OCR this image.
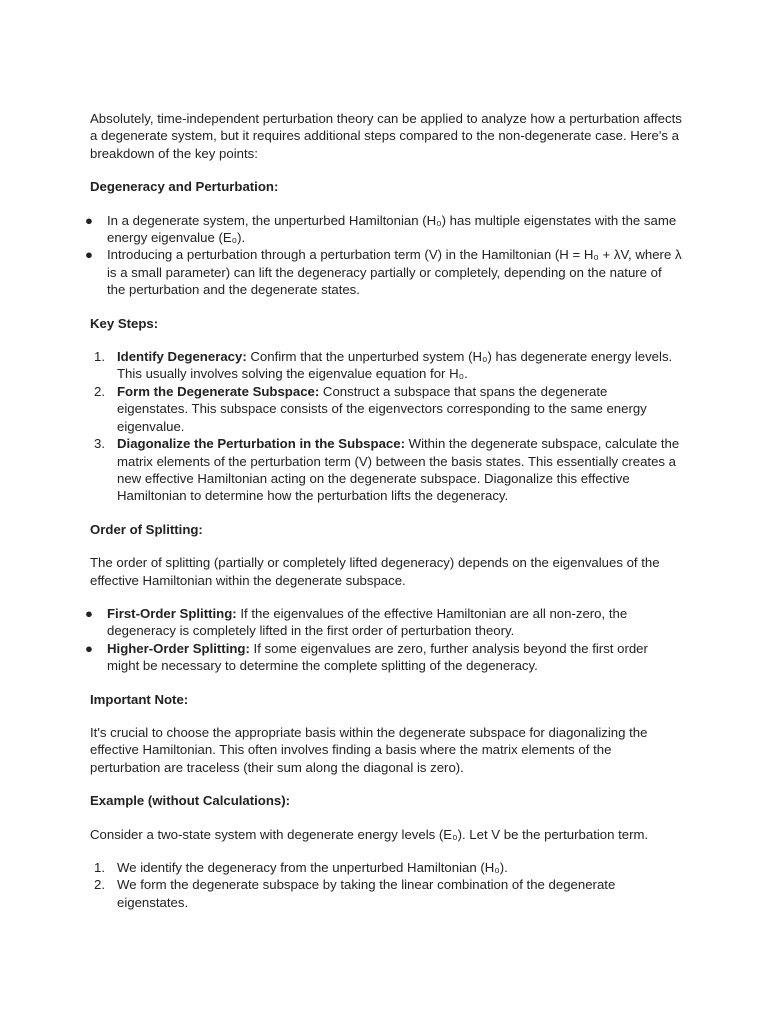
Absolutely, time-independent perturbation theory can be applied to analyze how a perturbation affects a degenerate system, but it requires additional steps compared to the non-degenerate case. Here's a breakdown of the key points:

Degeneracy and Perturbation:

● In a degenerate system, the unperturbed Hamiltonian (H₀) has multiple eigenstates with the same energy eigenvalue (E₀).
● Introducing a perturbation through a perturbation term (V) in the Hamiltonian (H = H₀ + λV, where λ is a small parameter) can lift the degeneracy partially or completely, depending on the nature of the perturbation and the degenerate states.

Key Steps:

1. Identify Degeneracy: Confirm that the unperturbed system (H₀) has degenerate energy levels. This usually involves solving the eigenvalue equation for H₀.
2. Form the Degenerate Subspace: Construct a subspace that spans the degenerate eigenstates. This subspace consists of the eigenvectors corresponding to the same energy eigenvalue.
3. Diagonalize the Perturbation in the Subspace: Within the degenerate subspace, calculate the matrix elements of the perturbation term (V) between the basis states. This essentially creates a new effective Hamiltonian acting on the degenerate subspace. Diagonalize this effective Hamiltonian to determine how the perturbation lifts the degeneracy.

Order of Splitting:

The order of splitting (partially or completely lifted degeneracy) depends on the eigenvalues of the effective Hamiltonian within the degenerate subspace.

● First-Order Splitting: If the eigenvalues of the effective Hamiltonian are all non-zero, the degeneracy is completely lifted in the first order of perturbation theory.
● Higher-Order Splitting: If some eigenvalues are zero, further analysis beyond the first order might be necessary to determine the complete splitting of the degeneracy.

Important Note:

It's crucial to choose the appropriate basis within the degenerate subspace for diagonalizing the effective Hamiltonian. This often involves finding a basis where the matrix elements of the perturbation are traceless (their sum along the diagonal is zero).

Example (without Calculations):

Consider a two-state system with degenerate energy levels (E₀). Let V be the perturbation term.

1. We identify the degeneracy from the unperturbed Hamiltonian (H₀).
2. We form the degenerate subspace by taking the linear combination of the degenerate eigenstates.
